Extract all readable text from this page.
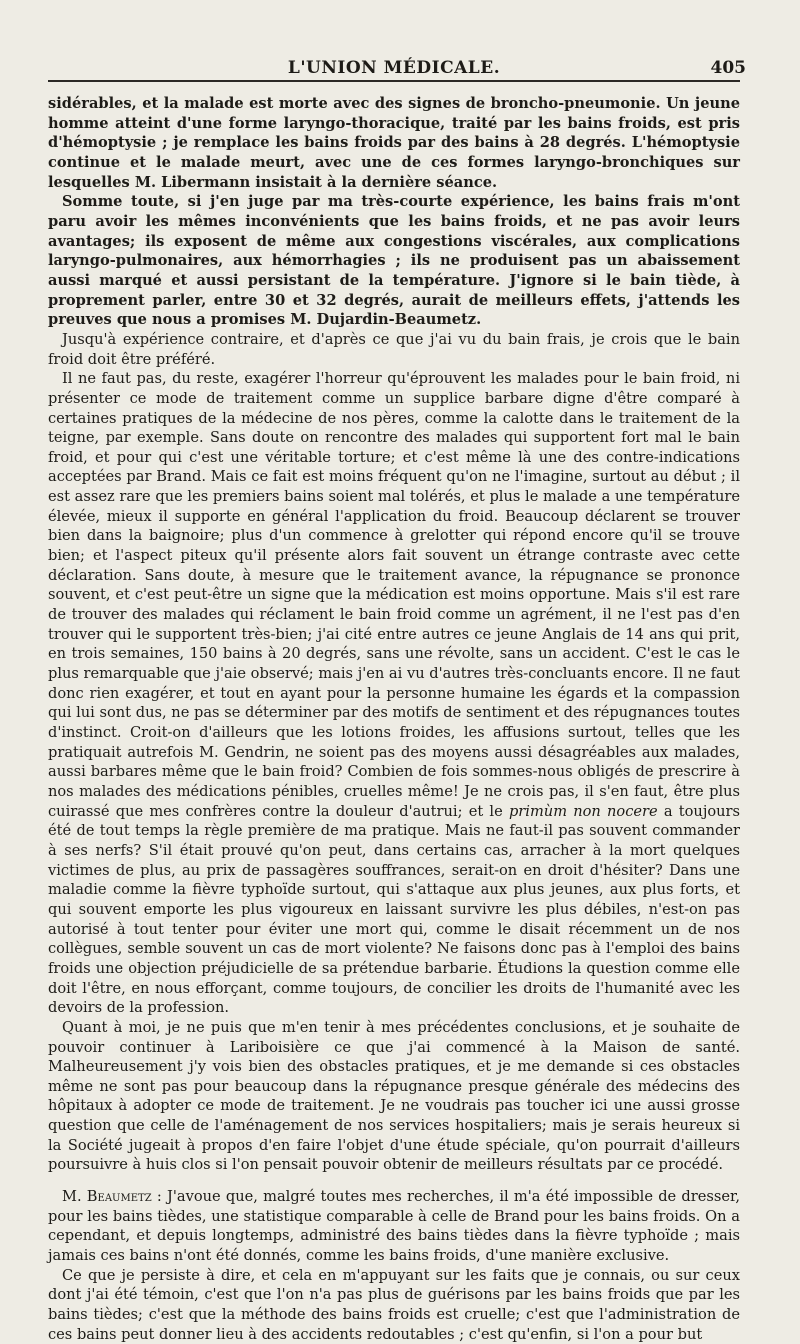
L'UNION MÉDICALE.	405

sidérables, et la malade est morte avec des signes de broncho-pneumonie. Un jeune homme atteint d'une forme laryngo-thoracique, traité par les bains froids, est pris d'hémoptysie ; je remplace les bains froids par des bains à 28 degrés. L'hémoptysie continue et le malade meurt, avec une de ces formes laryngo-bronchiques sur lesquelles M. Libermann insistait à la dernière séance.

Somme toute, si j'en juge par ma très-courte expérience, les bains frais m'ont paru avoir les mêmes inconvénients que les bains froids, et ne pas avoir leurs avantages; ils exposent de même aux congestions viscérales, aux complications laryngo-pulmonaires, aux hémorrhagies ; ils ne produisent pas un abaissement aussi marqué et aussi persistant de la température. J'ignore si le bain tiède, à proprement parler, entre 30 et 32 degrés, aurait de meilleurs effets, j'attends les preuves que nous a promises M. Dujardin-Beaumetz.

Jusqu'à expérience contraire, et d'après ce que j'ai vu du bain frais, je crois que le bain froid doit être préféré.

Il ne faut pas, du reste, exagérer l'horreur qu'éprouvent les malades pour le bain froid, ni présenter ce mode de traitement comme un supplice barbare digne d'être comparé à certaines pratiques de la médecine de nos pères, comme la calotte dans le traitement de la teigne, par exemple. Sans doute on rencontre des malades qui supportent fort mal le bain froid, et pour qui c'est une véritable torture; et c'est même là une des contre-indications acceptées par Brand. Mais ce fait est moins fréquent qu'on ne l'imagine, surtout au début ; il est assez rare que les premiers bains soient mal tolérés, et plus le malade a une température élevée, mieux il supporte en général l'application du froid. Beaucoup déclarent se trouver bien dans la baignoire; plus d'un commence à grelotter qui répond encore qu'il se trouve bien; et l'aspect piteux qu'il présente alors fait souvent un étrange contraste avec cette déclaration. Sans doute, à mesure que le traitement avance, la répugnance se prononce souvent, et c'est peut-être un signe que la médication est moins opportune. Mais s'il est rare de trouver des malades qui réclament le bain froid comme un agrément, il ne l'est pas d'en trouver qui le supportent très-bien; j'ai cité entre autres ce jeune Anglais de 14 ans qui prit, en trois semaines, 150 bains à 20 degrés, sans une révolte, sans un accident. C'est le cas le plus remarquable que j'aie observé; mais j'en ai vu d'autres très-concluants encore. Il ne faut donc rien exagérer, et tout en ayant pour la personne humaine les égards et la compassion qui lui sont dus, ne pas se déterminer par des motifs de sentiment et des répugnances toutes d'instinct. Croit-on d'ailleurs que les lotions froides, les affusions surtout, telles que les pratiquait autrefois M. Gendrin, ne soient pas des moyens aussi désagréables aux malades, aussi barbares même que le bain froid? Combien de fois sommes-nous obligés de prescrire à nos malades des médications pénibles, cruelles même! Je ne crois pas, il s'en faut, être plus cuirassé que mes confrères contre la douleur d'autrui; et le primùm non nocere a toujours été de tout temps la règle première de ma pratique. Mais ne faut-il pas souvent commander à ses nerfs? S'il était prouvé qu'on peut, dans certains cas, arracher à la mort quelques victimes de plus, au prix de passagères souffrances, serait-on en droit d'hésiter? Dans une maladie comme la fièvre typhoïde surtout, qui s'attaque aux plus jeunes, aux plus forts, et qui souvent emporte les plus vigoureux en laissant survivre les plus débiles, n'est-on pas autorisé à tout tenter pour éviter une mort qui, comme le disait récemment un de nos collègues, semble souvent un cas de mort violente? Ne faisons donc pas à l'emploi des bains froids une objection préjudicielle de sa prétendue barbarie. Étudions la question comme elle doit l'être, en nous efforçant, comme toujours, de concilier les droits de l'humanité avec les devoirs de la profession.

Quant à moi, je ne puis que m'en tenir à mes précédentes conclusions, et je souhaite de pouvoir continuer à Lariboisière ce que j'ai commencé à la Maison de santé. Malheureusement j'y vois bien des obstacles pratiques, et je me demande si ces obstacles même ne sont pas pour beaucoup dans la répugnance presque générale des médecins des hôpitaux à adopter ce mode de traitement. Je ne voudrais pas toucher ici une aussi grosse question que celle de l'aménagement de nos services hospitaliers; mais je serais heureux si la Société jugeait à propos d'en faire l'objet d'une étude spéciale, qu'on pourrait d'ailleurs poursuivre à huis clos si l'on pensait pouvoir obtenir de meilleurs résultats par ce procédé.

M. Beaumetz : J'avoue que, malgré toutes mes recherches, il m'a été impossible de dresser, pour les bains tièdes, une statistique comparable à celle de Brand pour les bains froids. On a cependant, et depuis longtemps, administré des bains tièdes dans la fièvre typhoïde ; mais jamais ces bains n'ont été donnés, comme les bains froids, d'une manière exclusive.

Ce que je persiste à dire, et cela en m'appuyant sur les faits que je connais, ou sur ceux dont j'ai été témoin, c'est que l'on n'a pas plus de guérisons par les bains froids que par les bains tièdes; c'est que la méthode des bains froids est cruelle; c'est que l'administration de ces bains peut donner lieu à des accidents redoutables ; c'est qu'enfin, si l'on a pour but
